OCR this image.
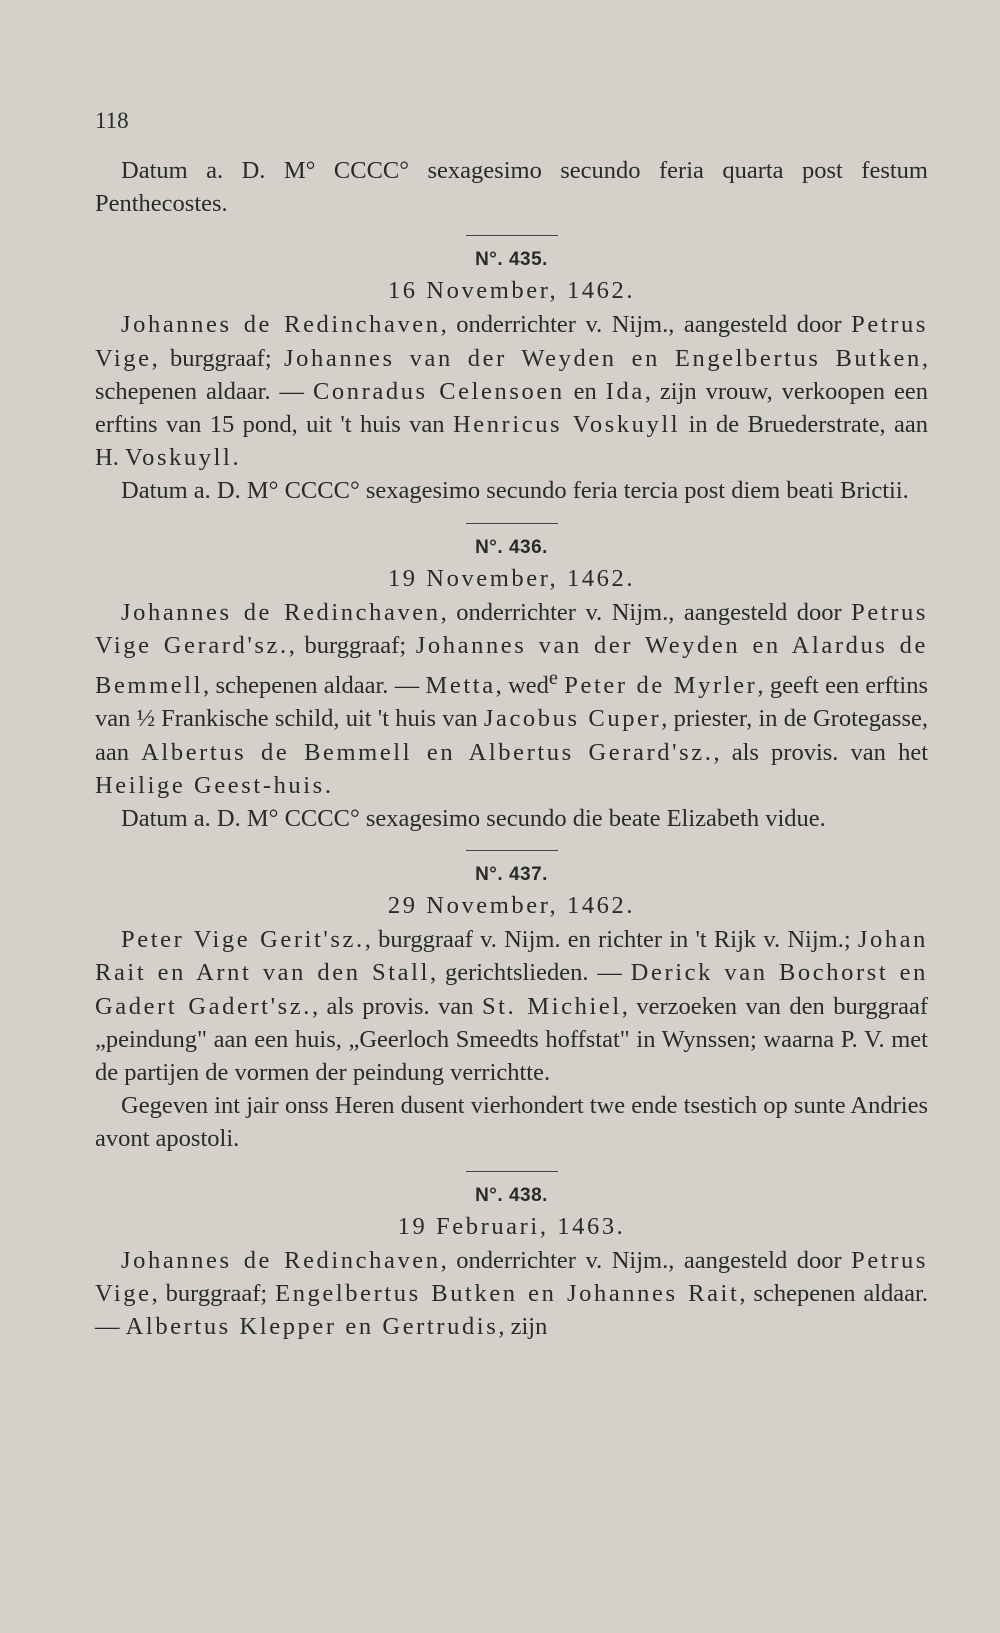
118

Datum a. D. M° CCCC° sexagesimo secundo feria quarta post festum Penthecostes.

N°. 435.
16 November, 1462.

Johannes de Redinchaven, onderrichter v. Nijm., aangesteld door Petrus Vige, burggraaf; Johannes van der Weyden en Engelbertus Butken, schepenen aldaar. — Conradus Celensoen en Ida, zijn vrouw, verkoopen een erftins van 15 pond, uit 't huis van Henricus Voskuyll in de Bruederstrate, aan H. Voskuyll.

Datum a. D. M° CCCC° sexagesimo secundo feria tercia post diem beati Brictii.

N°. 436.
19 November, 1462.

Johannes de Redinchaven, onderrichter v. Nijm., aangesteld door Petrus Vige Gerard'sz., burggraaf; Johannes van der Weyden en Alardus de Bemmell, schepenen aldaar. — Metta, wed$^e$ Peter de Myrler, geeft een erftins van ½ Frankische schild, uit 't huis van Jacobus Cuper, priester, in de Grotegasse, aan Albertus de Bemmell en Albertus Gerard'sz., als provis. van het Heilige Geest-huis.

Datum a. D. M° CCCC° sexagesimo secundo die beate Elizabeth vidue.

N°. 437.
29 November, 1462.

Peter Vige Gerit'sz., burggraaf v. Nijm. en richter in 't Rijk v. Nijm.; Johan Rait en Arnt van den Stall, gerichtslieden. — Derick van Bochorst en Gadert Gadert'sz., als provis. van St. Michiel, verzoeken van den burggraaf „peindung" aan een huis, „Geerloch Smeedts hoffstat" in Wynssen; waarna P. V. met de partijen de vormen der peindung verrichtte.

Gegeven int jair onss Heren dusent vierhondert twe ende tsestich op sunte Andries avont apostoli.

N°. 438.
19 Februari, 1463.

Johannes de Redinchaven, onderrichter v. Nijm., aangesteld door Petrus Vige, burggraaf; Engelbertus Butken en Johannes Rait, schepenen aldaar. — Albertus Klepper en Gertrudis, zijn
